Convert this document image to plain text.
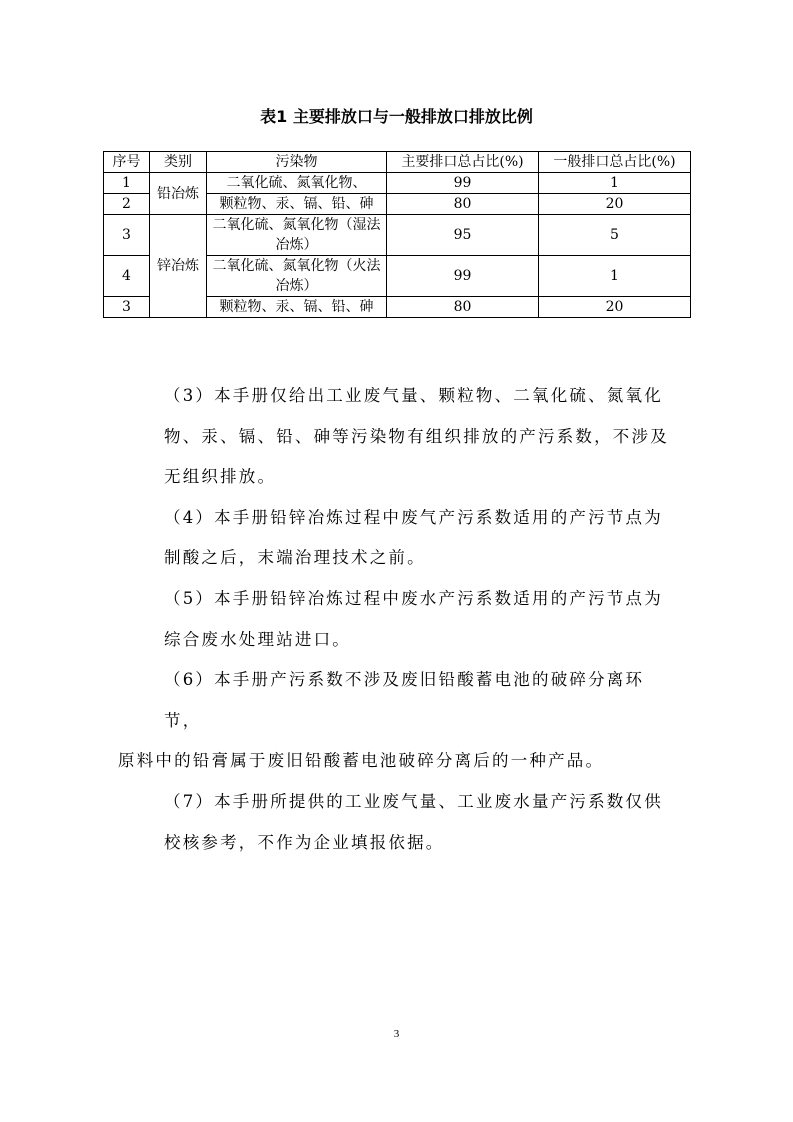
表1 主要排放口与一般排放口排放比例
序号	类别	污染物	主要排口总占比(%)	一般排口总占比(%)
1	铅冶炼	二氧化硫、氮氧化物、	99	1
2		颗粒物、汞、镉、铅、砷	80	20
3	锌冶炼	二氧化硫、氮氧化物（湿法冶炼）	95	5
4		二氧化硫、氮氧化物（火法冶炼）	99	1
3		颗粒物、汞、镉、铅、砷	80	20

（3）本手册仅给出工业废气量、颗粒物、二氧化硫、氮氧化物、汞、镉、铅、砷等污染物有组织排放的产污系数，不涉及无组织排放。

（4）本手册铅锌冶炼过程中废气产污系数适用的产污节点为制酸之后，末端治理技术之前。

（5）本手册铅锌冶炼过程中废水产污系数适用的产污节点为综合废水处理站进口。

（6）本手册产污系数不涉及废旧铅酸蓄电池的破碎分离环节，

原料中的铅膏属于废旧铅酸蓄电池破碎分离后的一种产品。

（7）本手册所提供的工业废气量、工业废水量产污系数仅供校核参考，不作为企业填报依据。

3
